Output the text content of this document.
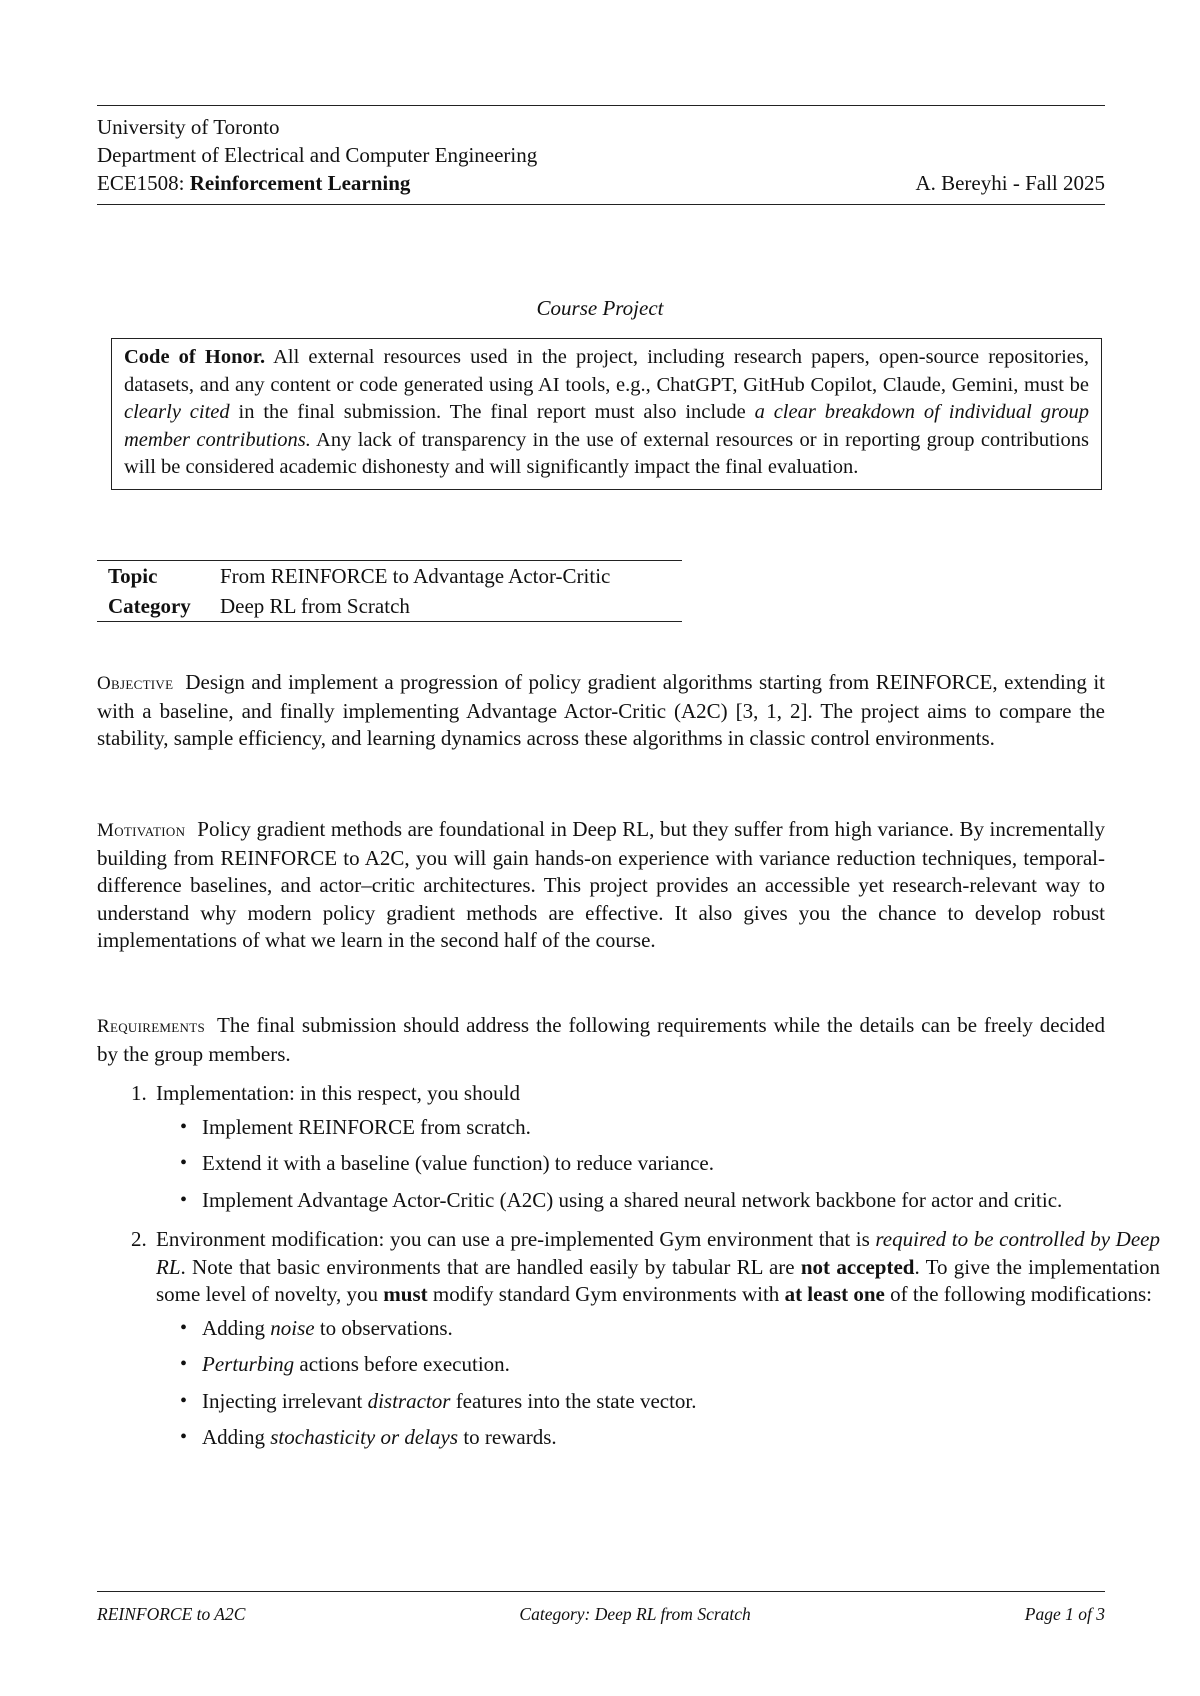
University of Toronto
Department of Electrical and Computer Engineering
ECE1508: Reinforcement Learning	A. Bereyhi - Fall 2025
Course Project
Code of Honor. All external resources used in the project, including research papers, open-source repositories, datasets, and any content or code generated using AI tools, e.g., ChatGPT, GitHub Copilot, Claude, Gemini, must be clearly cited in the final submission. The final report must also include a clear breakdown of individual group member contributions. Any lack of transparency in the use of external resources or in reporting group contributions will be considered academic dishonesty and will significantly impact the final evaluation.
Topic	From REINFORCE to Advantage Actor-Critic
Category	Deep RL from Scratch
Objective Design and implement a progression of policy gradient algorithms starting from REINFORCE, extending it with a baseline, and finally implementing Advantage Actor-Critic (A2C) [3, 1, 2]. The project aims to compare the stability, sample efficiency, and learning dynamics across these algorithms in classic control environments.
Motivation Policy gradient methods are foundational in Deep RL, but they suffer from high variance. By incrementally building from REINFORCE to A2C, you will gain hands-on experience with variance reduction techniques, temporal-difference baselines, and actor–critic architectures. This project provides an accessible yet research-relevant way to understand why modern policy gradient methods are effective. It also gives you the chance to develop robust implementations of what we learn in the second half of the course.
Requirements The final submission should address the following requirements while the details can be freely decided by the group members.
1. Implementation: in this respect, you should
• Implement REINFORCE from scratch.
• Extend it with a baseline (value function) to reduce variance.
• Implement Advantage Actor-Critic (A2C) using a shared neural network backbone for actor and critic.
2. Environment modification: you can use a pre-implemented Gym environment that is required to be controlled by Deep RL. Note that basic environments that are handled easily by tabular RL are not accepted. To give the implementation some level of novelty, you must modify standard Gym environments with at least one of the following modifications:
• Adding noise to observations.
• Perturbing actions before execution.
• Injecting irrelevant distractor features into the state vector.
• Adding stochasticity or delays to rewards.
REINFORCE to A2C	Category: Deep RL from Scratch	Page 1 of 3
